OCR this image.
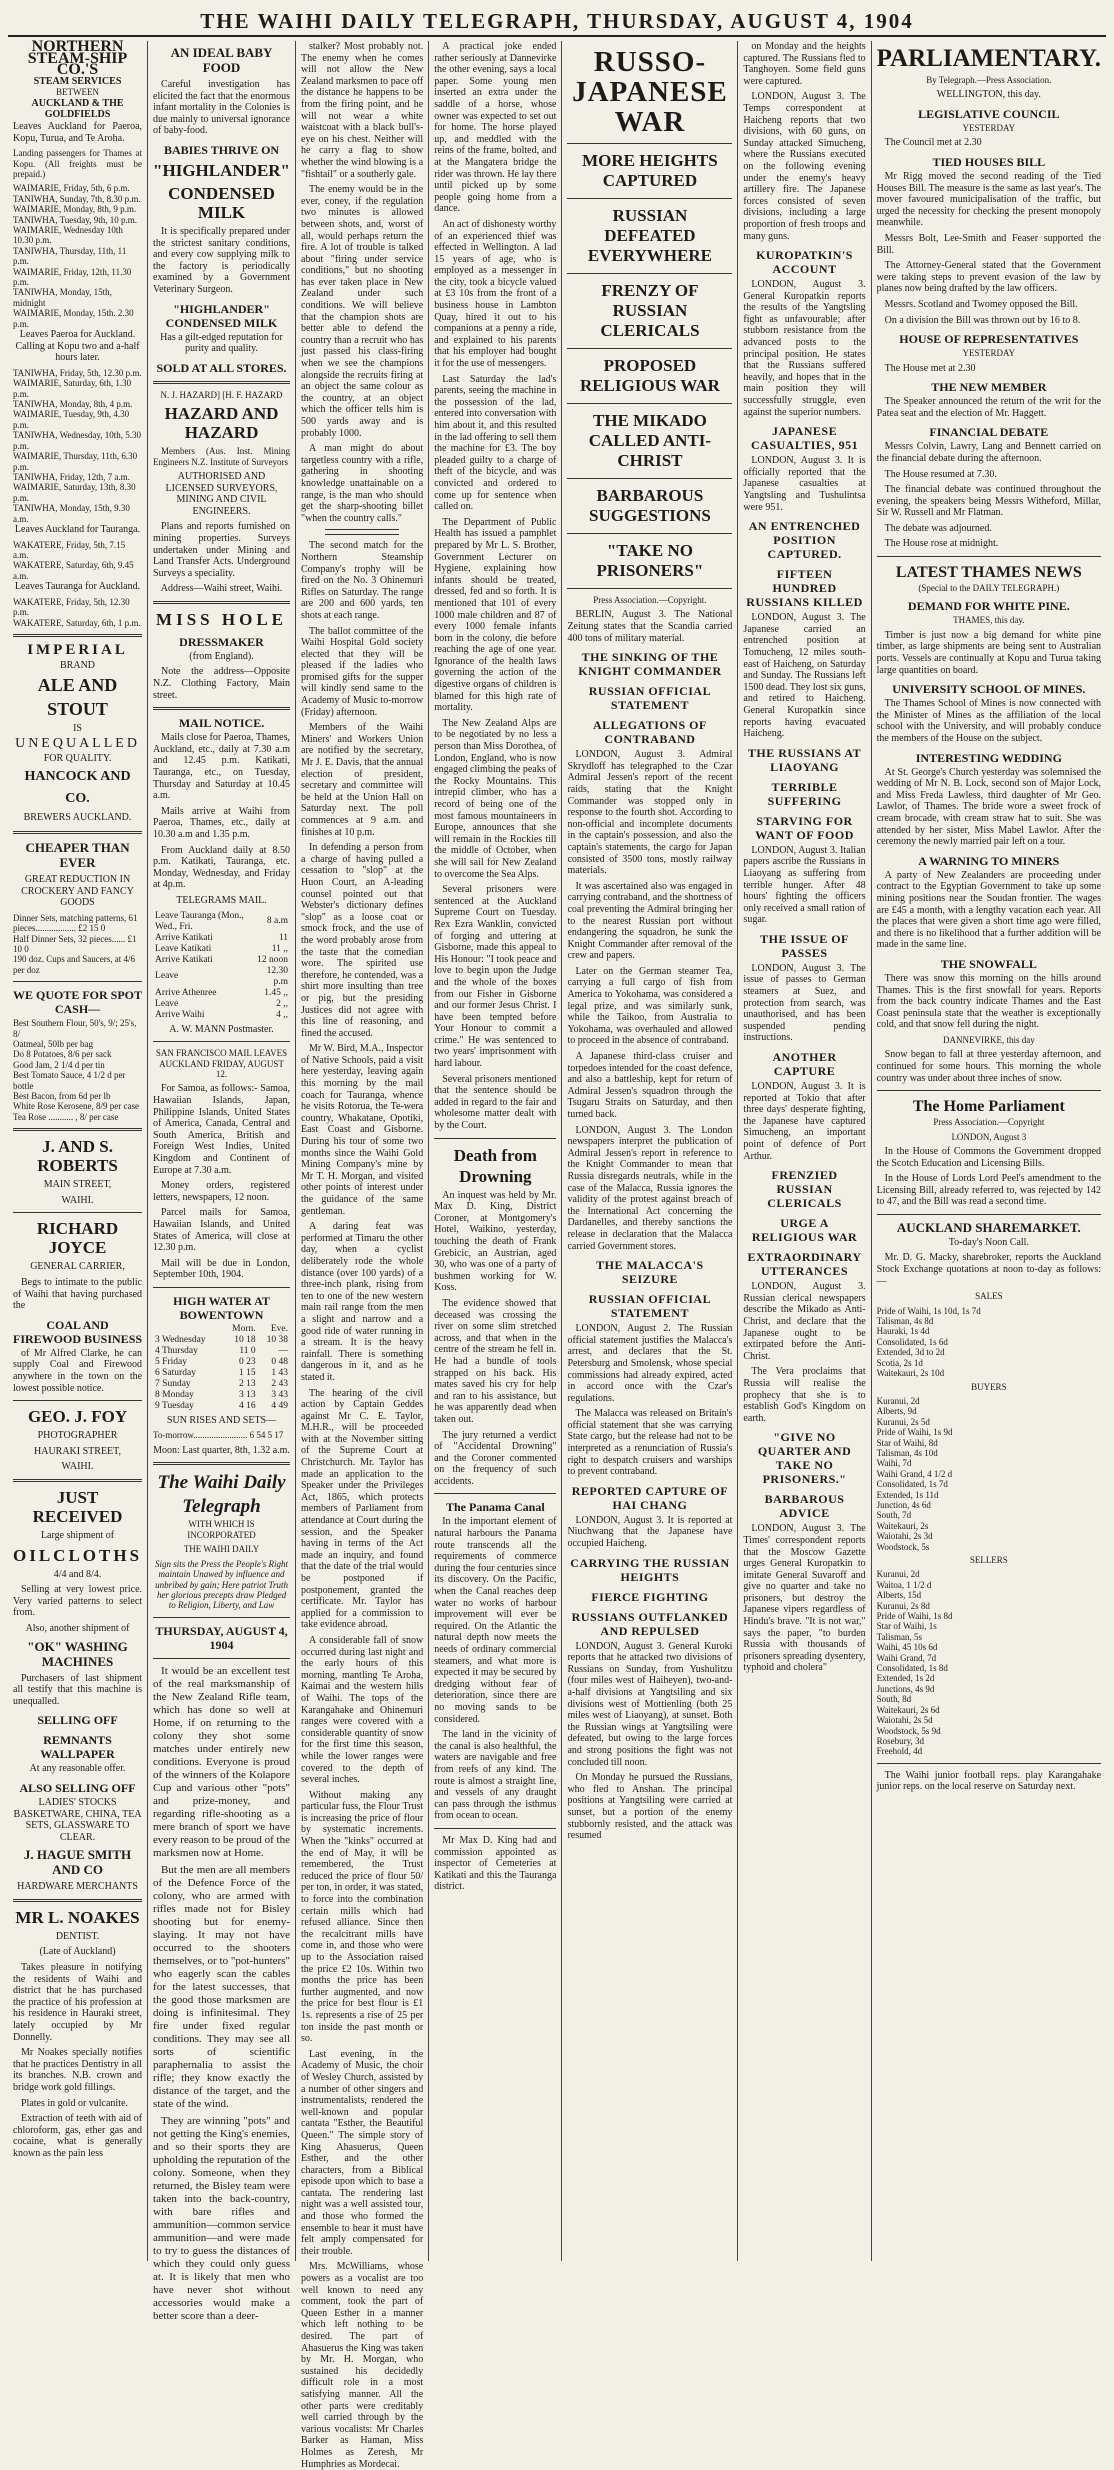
THE WAIHI DAILY TELEGRAPH, THURSDAY, AUGUST 4, 1904
NORTHERN STEAM-SHIP CO.'S
STEAM SERVICES
BETWEEN
AUCKLAND & THE GOLDFIELDS

Leaves Auckland for Paeroa, Kopu, Turua, and Te Aroha.

Landing passengers for Thames at Kopu. (All freights must be prepaid.)

WAIMARIE, Friday, 5th, 6 p.m.
TANIWHA, Sunday, 7th, 8.30 p.m.
WAIMARIE, Monday, 8th, 9 p.m.
TANIWHA, Tuesday, 9th, 10 p.m.
WAIMARIE, Wednesday 10th 10.30 p.m.
TANIWHA, Thursday, 11th, 11 p.m.
WAIMARIE, Friday, 12th, 11.30 p.m.
TANIWHA, Monday, 15th, midnight
WAIMARIE, Monday, 15th. 2.30 p.m.

Leaves Paeroa for Auckland. Calling at Kopu two and a-half hours later.

TANIWHA, Friday, 5th, 12.30 p.m.
WAIMARIE, Saturday, 6th, 1.30 p.m.
TANIWHA, Monday, 8th, 4 p.m.
WAIMARIE, Tuesday, 9th, 4.30 p.m.
TANIWHA, Wednesday, 10th, 5.30 p.m.
WAIMARIE, Thursday, 11th, 6.30 p.m.
TANIWHA, Friday, 12th, 7 a.m.
WAIMARIE, Saturday, 13th, 8.30 p.m.
TANIWHA, Monday, 15th, 9.30 a.m.

Leaves Auckland for Tauranga.

WAKATERE, Friday, 5th, 7.15 a.m.
WAKATERE, Saturday, 6th, 9.45 a.m.

Leaves Tauranga for Auckland.

WAKATERE, Friday, 5th, 12.30 p.m.
WAKATERE, Saturday, 6th, 1 p.m.
IMPERIAL
BRAND
ALE AND STOUT
IS
UNEQUALLED
FOR QUALITY.
HANCOCK AND CO.
BREWERS AUCKLAND.
CHEAPER THAN EVER

GREAT REDUCTION IN CROCKERY AND FANCY GOODS

Dinner Sets, matching patterns, 61 pieces.................. £2 15 0
Half Dinner Sets, 32 pieces...... £1 10 0
190 doz. Cups and Saucers, at 4/6 per doz
WE QUOTE FOR SPOT CASH—
Best Southern Flour, 50's, 9/; 25's, 8/
Oatmeal, 50lb per bag
Do 8 Potatoes, 8/6 per sack
Good Jam, 2 1/4 d per tin
Best Tomato Sauce, 4 1/2 d per bottle
Best Bacon, from 6d per lb
White Rose Kerosene, 8/9 per case
Tea Rose ........... , 8/ per case
J. AND S. ROBERTS

MAIN STREET,

WAIHI.

RICHARD JOYCE

GENERAL CARRIER,

Begs to intimate to the public of Waihi that having purchased the

COAL AND FIREWOOD BUSINESS

of Mr Alfred Clarke, he can supply Coal and Firewood anywhere in the town on the lowest possible notice.

GEO. J. FOY

PHOTOGRAPHER

HAURAKI STREET,

WAIHI.

JUST RECEIVED

Large shipment of

OILCLOTHS

4/4 and 8/4.

Selling at very lowest price. Very varied patterns to select from.

Also, another shipment of

"OK" WASHING MACHINES

Purchasers of last shipment all testify that this machine is unequalled.

SELLING OFF
REMNANTS WALLPAPER

At any reasonable offer.

ALSO SELLING OFF

LADIES' STOCKS BASKETWARE, CHINA, TEA SETS, GLASSWARE TO CLEAR.

J. HAGUE SMITH AND CO

HARDWARE MERCHANTS

MR L. NOAKES

DENTIST.

(Late of Auckland)

Takes pleasure in notifying the residents of Waihi and district that he has purchased the practice of his profession at his residence in Hauraki street, lately occupied by Mr Donnelly.

Mr Noakes specially notifies that he practices Dentistry in all its branches. N.B. crown and bridge work gold fillings.

Plates in gold or vulcanite.

Extraction of teeth with aid of chloroform, gas, ether gas and cocaine, what is generally known as the pain less

AN IDEAL BABY FOOD

Careful investigation has elicited the fact that the enormous infant mortality in the Colonies is due mainly to universal ignorance of baby-food.

BABIES THRIVE ON
"HIGHLANDER"
CONDENSED MILK

It is specifically prepared under the strictest sanitary conditions, and every cow supplying milk to the factory is periodically examined by a Government Veterinary Surgeon.

"HIGHLANDER" CONDENSED MILK

Has a gilt-edged reputation for purity and quality.

SOLD AT ALL STORES.

N. J. HAZARD] [H. F. HAZARD

HAZARD AND HAZARD

Members (Aus. Inst. Mining Engineers N.Z. Institute of Surveyors

AUTHORISED AND LICENSED SURVEYORS, MINING AND CIVIL ENGINEERS.

Plans and reports furnished on mining properties. Surveys undertaken under Mining and Land Transfer Acts. Underground Surveys a speciality.

Address—Waihi street, Waihi.

MISS HOLE
DRESSMAKER

(from England).

Note the address—Opposite N.Z. Clothing Factory, Main street.

MAIL NOTICE.

Mails close for Paeroa, Thames, Auckland, etc., daily at 7.30 a.m and 12.45 p.m. Katikati, Tauranga, etc., on Tuesday, Thursday and Saturday at 10.45 a.m.

Mails arrive at Waihi from Paeroa, Thames, etc., daily at 10.30 a.m and 1.35 p.m.

From Auckland daily at 8.50 p.m. Katikati, Tauranga, etc. Monday, Wednesday, and Friday at 4p.m.

TELEGRAMS MAIL.

Leave Tauranga (Mon., Wed., Fri.	8 a.m
Arrive Katikati	11
Leave Katikati	11 ,,
Arrive Katikati	12 noon
Leave	12.30 p.m
Arrive Athenree	1.45 ,,
Leave	2 ,,
Arrive Waihi	4 ,,

A. W. MANN Postmaster.

SAN FRANCISCO MAIL LEAVES AUCKLAND FRIDAY, AUGUST 12.

For Samoa, as follows:- Samoa, Hawaiian Islands, Japan, Philippine Islands, United States of America, Canada, Central and South America, British and Foreign West Indies, United Kingdom and Continent of Europe at 7.30 a.m.

Money orders, registered letters, newspapers, 12 noon.

Parcel mails for Samoa, Hawaiian Islands, and United States of America, will close at 12.30 p.m.

Mail will be due in London, September 10th, 1904.

HIGH WATER AT BOWENTOWN
	Morn.	Eve.
3 Wednesday	10 18	10 38
4 Thursday	11 0	—
5 Friday	0 23	0 48
6 Saturday	1 15	1 43
7 Sunday	2 13	2 43
8 Monday	3 13	3 43
9 Tuesday	4 16	4 49

SUN RISES AND SETS—

To-morrow........................ 6 54 5 17

Moon: Last quarter, 8th, 1.32 a.m.

The Waihi Daily Telegraph

WITH WHICH IS INCORPORATED

THE WAIHI DAILY

Sign sits the Press the People's Right maintain Unawed by influence and unbribed by gain; Here patriot Truth her glorious precepts draw Pledged to Religion, Liberty, and Law

THURSDAY, AUGUST 4, 1904

It would be an excellent test of the real marksmanship of the New Zealand Rifle team, which has done so well at Home, if on returning to the colony they shot some matches under entirely new conditions. Everyone is proud of the winners of the Kolapore Cup and various other "pots" and prize-money, and regarding rifle-shooting as a mere branch of sport we have every reason to be proud of the marksmen now at Home.

But the men are all members of the Defence Force of the colony, who are armed with rifles made not for Bisley shooting but for enemy-slaying. It may not have occurred to the shooters themselves, or to "pot-hunters" who eagerly scan the cables for the latest successes, that the good those marksmen are doing is infinitesimal. They fire under fixed regular conditions. They may see all sorts of scientific paraphernalia to assist the rifle; they know exactly the distance of the target, and the state of the wind.

They are winning "pots" and not getting the King's enemies, and so their sports they are upholding the reputation of the colony. Someone, when they returned, the Bisley team were taken into the back-country, with bare rifles and ammunition—common service ammunition—and were made to try to guess the distances of which they could only guess at. It is likely that men who have never shot without accessories would make a better score than a deer-

stalker? Most probably not. The enemy when he comes will not allow the New Zealand marksmen to pace off the distance he happens to be from the firing point, and he will not wear a white waistcoat with a black bull's-eye on his chest. Neither will he carry a flag to show whether the wind blowing is a "fishtail" or a southerly gale.

The enemy would be in the ever, coney, if the regulation two minutes is allowed between shots, and, worst of all, would perhaps return the fire. A lot of trouble is talked about "firing under service conditions," but no shooting has ever taken place in New Zealand under such conditions. We will believe that the champion shots are better able to defend the country than a recruit who has just passed his class-firing when we see the champions alongside the recruits firing at an object the same colour as the country, at an object which the officer tells him is 500 yards away and is probably 1000.

A man might do about targetless country with a rifle, gathering in shooting knowledge unattainable on a range, is the man who should get the sharp-shooting billet "when the country calls."

The second match for the Northern Steamship Company's trophy will be fired on the No. 3 Ohinemuri Rifles on Saturday. The range are 200 and 600 yards, ten shots at each range.

The ballot committee of the Waihi Hospital Gold society elected that they will be pleased if the ladies who promised gifts for the supper will kindly send same to the Academy of Music to-morrow (Friday) afternoon.

Members of the Waihi Miners' and Workers Union are notified by the secretary, Mr J. E. Davis, that the annual election of president, secretary and committee will be held at the Union Hall on Saturday next. The poll commences at 9 a.m. and finishes at 10 p.m.

In defending a person from a charge of having pulled a cessation to "slop" at the Huon Court, an A-leading counsel pointed out that Webster's dictionary defines "slop" as a loose coat or smock frock, and the use of the word probably arose from the taste that the comedian wore. The spirited use therefore, he contended, was a shirt more insulting than tree or pig, but the presiding Justices did not agree with this line of reasoning, and fined the accused.

Mr W. Bird, M.A., Inspector of Native Schools, paid a visit here yesterday, leaving again this morning by the mail coach for Tauranga, whence he visits Rotorua, the Te-wera country, Whakatane, Opotiki, East Coast and Gisborne. During his tour of some two months since the Waihi Gold Mining Company's mine by Mr T. H. Morgan, and visited other points of interest under the guidance of the same gentleman.

A daring feat was performed at Timaru the other day, when a cyclist deliberately rode the whole distance (over 100 yards) of a three-inch plank, rising from ten to one of the new western main rail range from the men a slight and narrow and a good ride of water running in a stream. It is the heavy rainfall. There is something dangerous in it, and as he stated it.

The hearing of the civil action by Captain Geddes against Mr C. E. Taylor, M.H.R., will be proceeded with at the November sitting of the Supreme Court at Christchurch. Mr. Taylor has made an application to the Speaker under the Privileges Act, 1865, which protects members of Parliament from attendance at Court during the session, and the Speaker having in terms of the Act made an inquiry, and found that the date of the trial would be postponed if postponement, granted the certificate. Mr. Taylor has applied for a commission to take evidence abroad.

A considerable fall of snow occurred during last night and the early hours of this morning, mantling Te Aroha, Kaimai and the western hills of Waihi. The tops of the Karangahake and Ohinemuri ranges were covered with a considerable quantity of snow for the first time this season, while the lower ranges were covered to the depth of several inches.

Without making any particular fuss, the Flour Trust is increasing the price of flour by systematic increments. When the "kinks" occurred at the end of May, it will be remembered, the Trust reduced the price of flour 50/ per ton, in order, it was stated, to force into the combination certain mills which had refused alliance. Since then the recalcitrant mills have come in, and those who were up to the Association raised the price £2 10s. Within two months the price has been further augmented, and now the price for best flour is £1 1s. represents a rise of 25 per ton inside the past month or so.

Last evening, in the Academy of Music, the choir of Wesley Church, assisted by a number of other singers and instrumentalists, rendered the well-known and popular cantata "Esther, the Beautiful Queen." The simple story of King Ahasuerus, Queen Esther, and the other characters, from a Biblical episode upon which to base a cantata. The rendering last night was a well assisted tour, and those who formed the ensemble to hear it must have felt amply compensated for their trouble.

Mrs. McWilliams, whose powers as a vocalist are too well known to need any comment, took the part of Queen Esther in a manner which left nothing to be desired. The part of Ahasuerus the King was taken by Mr. H. Morgan, who sustained his decidedly difficult role in a most satisfying manner. All the other parts were creditably well carried through by the various vocalists: Mr Charles Barker as Haman, Miss Holmes as Zeresh, Mr Humphries as Mordecai.

A practical joke ended rather seriously at Dannevirke the other evening, says a local paper. Some young men inserted an extra under the saddle of a horse, whose owner was expected to set out for home. The horse played up, and meddled with the reins of the frame, bolted, and at the Mangatera bridge the rider was thrown. He lay there until picked up by some people going home from a dance.

An act of dishonesty worthy of an experienced thief was effected in Wellington. A lad 15 years of age, who is employed as a messenger in the city, took a bicycle valued at £3 10s from the front of a business house in Lambton Quay, hired it out to his companions at a penny a ride, and explained to his parents that his employer had bought it for the use of messengers.

Last Saturday the lad's parents, seeing the machine in the possession of the lad, entered into conversation with him about it, and this resulted in the lad offering to sell them the machine for £3. The boy pleaded guilty to a charge of theft of the bicycle, and was convicted and ordered to come up for sentence when called on.

The Department of Public Health has issued a pamphlet prepared by Mr L. S. Brother, Government Lecturer on Hygiene, explaining how infants should be treated, dressed, fed and so forth. It is mentioned that 101 of every 1000 male children and 87 of every 1000 female infants born in the colony, die before reaching the age of one year. Ignorance of the health laws governing the action of the digestive organs of children is blamed for this high rate of mortality.

The New Zealand Alps are to be negotiated by no less a person than Miss Dorothea, of London, England, who is now engaged climbing the peaks of the Rocky Mountains. This intrepid climber, who has a record of being one of the most famous mountaineers in Europe, announces that she will remain in the Rockies till the middle of October, when she will sail for New Zealand to overcome the Sea Alps.

Several prisoners were sentenced at the Auckland Supreme Court on Tuesday. Rex Ezra Wanklin, convicted of forging and uttering at Gisborne, made this appeal to His Honour: "I took peace and love to begin upon the Judge and the whole of the boxes from our Fisher in Gisborne and our former Jesus Christ. I have been tempted before Your Honour to commit a crime." He was sentenced to two years' imprisonment with hard labour.

Several prisoners mentioned that the sentence should be added in regard to the fair and wholesome matter dealt with by the Court.

Death from Drowning

An inquest was held by Mr. Max D. King, District Coroner, at Montgomery's Hotel, Waikino, yesterday, touching the death of Frank Grebicic, an Austrian, aged 30, who was one of a party of bushmen working for W. Koss.

The evidence showed that deceased was crossing the river on some slim stretched across, and that when in the centre of the stream he fell in. He had a bundle of tools strapped on his back. His mates saved his cry for help and ran to his assistance, but he was apparently dead when taken out.

The jury returned a verdict of "Accidental Drowning" and the Coroner commented on the frequency of such accidents.

The Panama Canal

In the important element of natural harbours the Panama route transcends all the requirements of commerce during the four centuries since its discovery. On the Pacific, when the Canal reaches deep water no works of harbour improvement will ever be required. On the Atlantic the natural depth now meets the needs of ordinary commercial steamers, and what more is expected it may be secured by dredging without fear of deterioration, since there are no moving sands to be considered.

The land in the vicinity of the canal is also healthful, the waters are navigable and free from reefs of any kind. The route is almost a straight line, and vessels of any draught can pass through the isthmus from ocean to ocean.

Mr Max D. King had and commission appointed as inspector of Cemeteries at Katikati and this the Tauranga district.

RUSSO-JAPANESE WAR
MORE HEIGHTS CAPTURED
RUSSIAN DEFEATED EVERYWHERE
FRENZY OF RUSSIAN CLERICALS
PROPOSED RELIGIOUS WAR
THE MIKADO CALLED ANTI-CHRIST
BARBAROUS SUGGESTIONS
"TAKE NO PRISONERS"

Press Association.—Copyright.

BERLIN, August 3. The National Zeitung states that the Scandia carried 400 tons of military material.

THE SINKING OF THE KNIGHT COMMANDER
RUSSIAN OFFICIAL STATEMENT
ALLEGATIONS OF CONTRABAND

LONDON, August 3. Admiral Skrydloff has telegraphed to the Czar Admiral Jessen's report of the recent raids, stating that the Knight Commander was stopped only in response to the fourth shot. According to non-official and incomplete documents in the captain's possession, and also the captain's statements, the cargo for Japan consisted of 3500 tons, mostly railway materials.

It was ascertained also was engaged in carrying contraband, and the shortness of coal preventing the Admiral bringing her to the nearest Russian port without endangering the squadron, he sunk the Knight Commander after removal of the crew and papers.

Later on the German steamer Tea, carrying a full cargo of fish from America to Yokohama, was considered a legal prize, and was similarly sunk, while the Taikoo, from Australia to Yokohama, was overhauled and allowed to proceed in the absence of contraband.

A Japanese third-class cruiser and torpedoes intended for the coast defence, and also a battleship, kept for return of Admiral Jessen's squadron through the Tsugaru Straits on Saturday, and then turned back.

LONDON, August 3. The London newspapers interpret the publication of Admiral Jessen's report in reference to the Knight Commander to mean that Russia disregards neutrals, while in the case of the Malacca, Russia ignores the validity of the protest against breach of the International Act concerning the Dardanelles, and thereby sanctions the release in declaration that the Malacca carried Government stores.

THE MALACCA'S SEIZURE
RUSSIAN OFFICIAL STATEMENT

LONDON, August 2. The Russian official statement justifies the Malacca's arrest, and declares that the St. Petersburg and Smolensk, whose special commissions had already expired, acted in accord once with the Czar's regulations.

The Malacca was released on Britain's official statement that she was carrying State cargo, but the release had not to be interpreted as a renunciation of Russia's right to despatch cruisers and warships to prevent contraband.

REPORTED CAPTURE OF HAI CHANG

LONDON, August 3. It is reported at Niuchwang that the Japanese have occupied Haicheng.

CARRYING THE RUSSIAN HEIGHTS
FIERCE FIGHTING
RUSSIANS OUTFLANKED AND REPULSED

LONDON, August 3. General Kuroki reports that he attacked two divisions of Russians on Sunday, from Yushulitzu (four miles west of Haiheyen), two-and-a-half divisions at Yangtsiling and six divisions west of Mottienling (both 25 miles west of Liaoyang), at sunset. Both the Russian wings at Yangtsiling were defeated, but owing to the large forces and strong positions the fight was not concluded till noon.

On Monday he pursued the Russians, who fled to Anshan. The principal positions at Yangtsiling were carried at sunset, but a portion of the enemy stubbornly resisted, and the attack was resumed

on Monday and the heights captured. The Russians fled to Tanghoyen. Some field guns were captured.

LONDON, August 3. The Temps correspondent at Haicheng reports that two divisions, with 60 guns, on Sunday attacked Simucheng, where the Russians executed on the following evening under the enemy's heavy artillery fire. The Japanese forces consisted of seven divisions, including a large proportion of fresh troops and many guns.

KUROPATKIN'S ACCOUNT

LONDON, August 3. General Kuropatkin reports the results of the Yangtsling fight as unfavourable; after stubborn resistance from the advanced posts to the principal position. He states that the Russians suffered heavily, and hopes that in the main position they will successfully struggle, even against the superior numbers.

JAPANESE CASUALTIES, 951

LONDON, August 3. It is officially reported that the Japanese casualties at Yangtsling and Tushulintsa were 951.

AN ENTRENCHED POSITION CAPTURED.
FIFTEEN HUNDRED RUSSIANS KILLED

LONDON, August 3. The Japanese carried an entrenched position at Tomucheng, 12 miles south-east of Haicheng, on Saturday and Sunday. The Russians left 1500 dead. They lost six guns, and retired to Haicheng. General Kuropatkin since reports having evacuated Haicheng.

THE RUSSIANS AT LIAOYANG
TERRIBLE SUFFERING
STARVING FOR WANT OF FOOD

LONDON, August 3. Italian papers ascribe the Russians in Liaoyang as suffering from terrible hunger. After 48 hours' fighting the officers only received a small ration of sugar.

THE ISSUE OF PASSES

LONDON, August 3. The issue of passes to German steamers at Suez, and protection from search, was unauthorised, and has been suspended pending instructions.

ANOTHER CAPTURE

LONDON, August 3. It is reported at Tokio that after three days' desperate fighting, the Japanese have captured Simucheng, an important point of defence of Port Arthur.

FRENZIED RUSSIAN CLERICALS
URGE A RELIGIOUS WAR
EXTRAORDINARY UTTERANCES

LONDON, August 3. Russian clerical newspapers describe the Mikado as Anti-Christ, and declare that the Japanese ought to be extirpated before the Anti-Christ.

The Vera proclaims that Russia will realise the prophecy that she is to establish God's Kingdom on earth.

"GIVE NO QUARTER AND TAKE NO PRISONERS."
BARBAROUS ADVICE

LONDON, August 3. The Times' correspondent reports that the Moscow Gazette urges General Kuropatkin to imitate General Suvaroff and give no quarter and take no prisoners, but destroy the Japanese vipers regardless of Hindu's brave. "It is not war," says the paper, "to burden Russia with thousands of prisoners spreading dysentery, typhoid and cholera"

PARLIAMENTARY.

By Telegraph.—Press Association.

WELLINGTON, this day.

LEGISLATIVE COUNCIL

YESTERDAY

The Council met at 2.30

TIED HOUSES BILL

Mr Rigg moved the second reading of the Tied Houses Bill. The measure is the same as last year's. The mover favoured municipalisation of the traffic, but urged the necessity for checking the present monopoly meanwhile.

Messrs Bolt, Lee-Smith and Feaser supported the Bill.

The Attorney-General stated that the Government were taking steps to prevent evasion of the law by planes now being drafted by the law officers.

Messrs. Scotland and Twomey opposed the Bill.

On a division the Bill was thrown out by 16 to 8.

HOUSE OF REPRESENTATIVES

YESTERDAY

The House met at 2.30

THE NEW MEMBER

The Speaker announced the return of the writ for the Patea seat and the election of Mr. Haggett.

FINANCIAL DEBATE

Messrs Colvin, Lawry, Lang and Bennett carried on the financial debate during the afternoon.

The House resumed at 7.30.

The financial debate was continued throughout the evening, the speakers being Messrs Witheford, Millar, Sir W. Russell and Mr Flatman.

The debate was adjourned.

The House rose at midnight.

LATEST THAMES NEWS

(Special to the DAILY TELEGRAPH.)

DEMAND FOR WHITE PINE.

THAMES, this day.

Timber is just now a big demand for white pine timber, as large shipments are being sent to Australian ports. Vessels are continually at Kopu and Turua taking large quantities on board.

UNIVERSITY SCHOOL OF MINES.

The Thames School of Mines is now connected with the Minister of Mines as the affiliation of the local school with the University, and will probably conduce the members of the House on the subject.

INTERESTING WEDDING

At St. George's Church yesterday was solemnised the wedding of Mr N. B. Lock, second son of Major Lock, and Miss Freda Lawless, third daughter of Mr Geo. Lawlor, of Thames. The bride wore a sweet frock of cream brocade, with cream straw hat to suit. She was attended by her sister, Miss Mabel Lawlor. After the ceremony the newly married pair left on a tour.

A WARNING TO MINERS

A party of New Zealanders are proceeding under contract to the Egyptian Government to take up some mining positions near the Soudan frontier. The wages are £45 a month, with a lengthy vacation each year. All the places that were given a short time ago were filled, and there is no likelihood that a further addition will be made in the same line.

THE SNOWFALL

There was snow this morning on the hills around Thames. This is the first snowfall for years. Reports from the back country indicate Thames and the East Coast peninsula state that the weather is exceptionally cold, and that snow fell during the night.

DANNEVIRKE, this day

Snow began to fall at three yesterday afternoon, and continued for some hours. This morning the whole country was under about three inches of snow.

The Home Parliament

Press Association.—Copyright

LONDON, August 3

In the House of Commons the Government dropped the Scotch Education and Licensing Bills.

In the House of Lords Lord Peel's amendment to the Licensing Bill, already referred to, was rejected by 142 to 47, and the Bill was read a second time.

AUCKLAND SHAREMARKET.

To-day's Noon Call.

Mr. D. G. Macky, sharebroker, reports the Auckland Stock Exchange quotations at noon to-day as follows:—

SALES

Pride of Waihi, 1s 10d, 1s 7d
Talisman, 4s 8d
Hauraki, 1s 4d
Consolidated, 1s 6d
Extended, 3d to 2d
Scotia, 2s 1d
Waitekauri, 2s 10d

BUYERS

Kuranui, 2d
Alberts, 9d
Kuranui, 2s 5d
Pride of Waihi, 1s 9d
Star of Waihi, 8d
Talisman, 4s 10d
Waihi, 7d
Waihi Grand, 4 1/2 d
Consolidated, 1s 7d
Extended, 1s 11d
Junction, 4s 6d
South, 7d
Waitekauri, 2s
Waiotahi, 2s 3d
Woodstock, 5s

SELLERS

Kuranui, 2d
Waitoa, 1 1/2 d
Alberts, 15d
Kuranui, 2s 8d
Pride of Waihi, 1s 8d
Star of Waihi, 1s
Talisman, 5s
Waihi, 45 10s 6d
Waihi Grand, 7d
Consolidated, 1s 8d
Extended, 1s 2d
Junctions, 4s 9d
South, 8d
Waitekauri, 2s 6d
Waiotahi, 2s 5d
Woodstock, 5s 9d
Rosebury, 3d
Freehold, 4d

The Waihi junior football reps. play Karangahake junior reps. on the local reserve on Saturday next.
